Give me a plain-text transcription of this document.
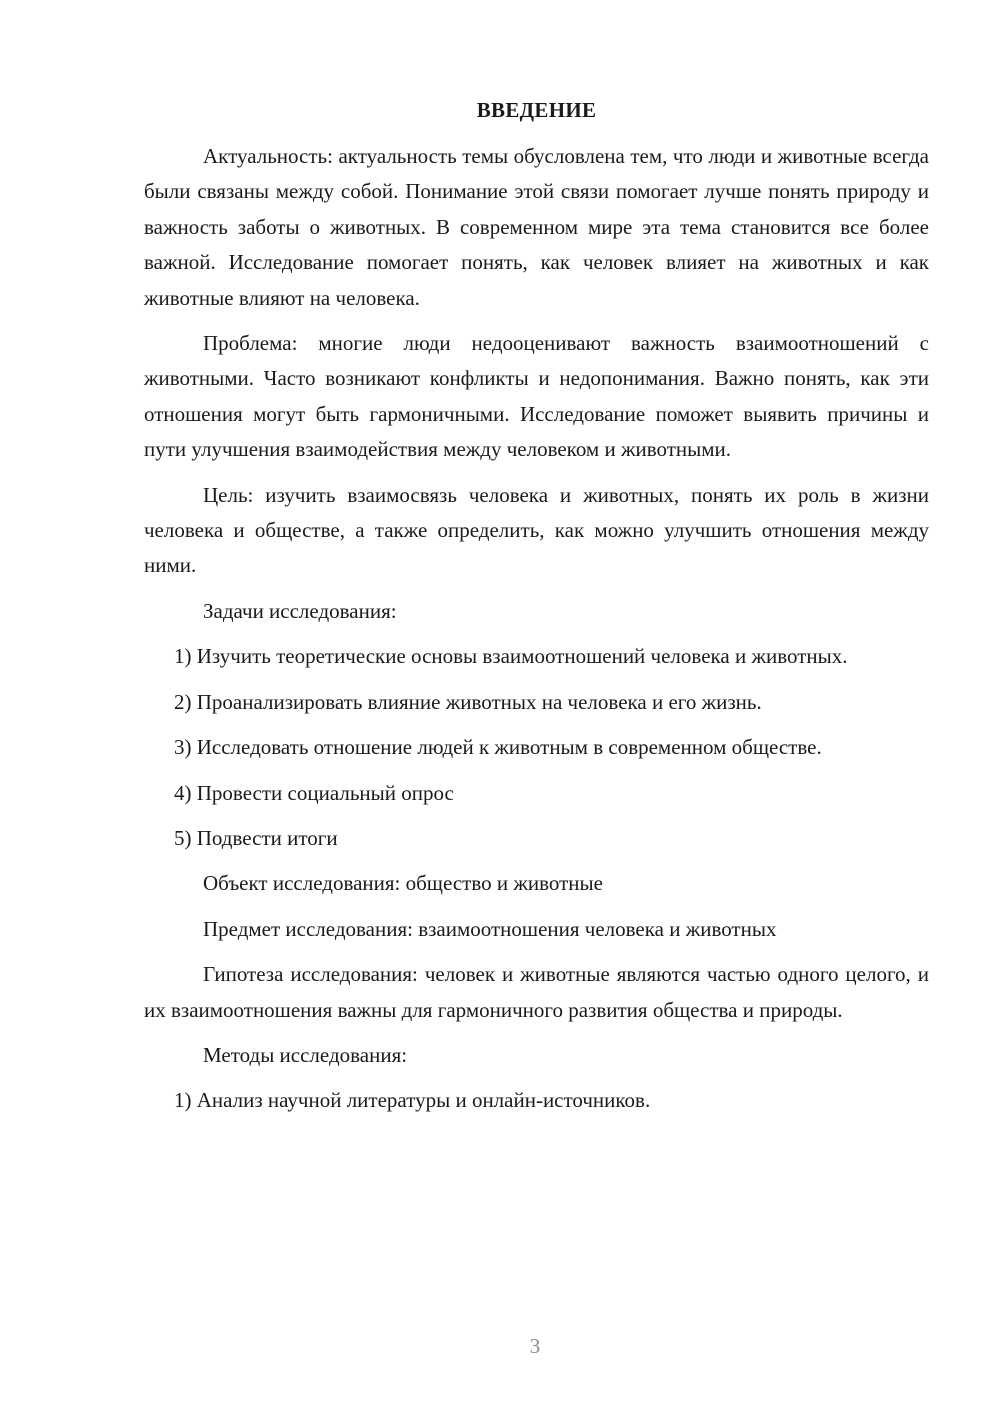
ВВЕДЕНИЕ

Актуальность: актуальность темы обусловлена тем, что люди и животные всегда были связаны между собой. Понимание этой связи помогает лучше понять природу и важность заботы о животных. В современном мире эта тема становится все более важной. Исследование помогает понять, как человек влияет на животных и как животные влияют на человека.

Проблема: многие люди недооценивают важность взаимоотношений с животными. Часто возникают конфликты и недопонимания. Важно понять, как эти отношения могут быть гармоничными. Исследование поможет выявить причины и пути улучшения взаимодействия между человеком и животными.

Цель: изучить взаимосвязь человека и животных, понять их роль в жизни человека и обществе, а также определить, как можно улучшить отношения между ними.

Задачи исследования:

1) Изучить теоретические основы взаимоотношений человека и животных.

2) Проанализировать влияние животных на человека и его жизнь.

3) Исследовать отношение людей к животным в современном обществе.

4) Провести социальный опрос

5) Подвести итоги

Объект исследования: общество и животные

Предмет исследования: взаимоотношения человека и животных

Гипотеза исследования: человек и животные являются частью одного целого, и их взаимоотношения важны для гармоничного развития общества и природы.

Методы исследования:

1) Анализ научной литературы и онлайн-источников.

3
